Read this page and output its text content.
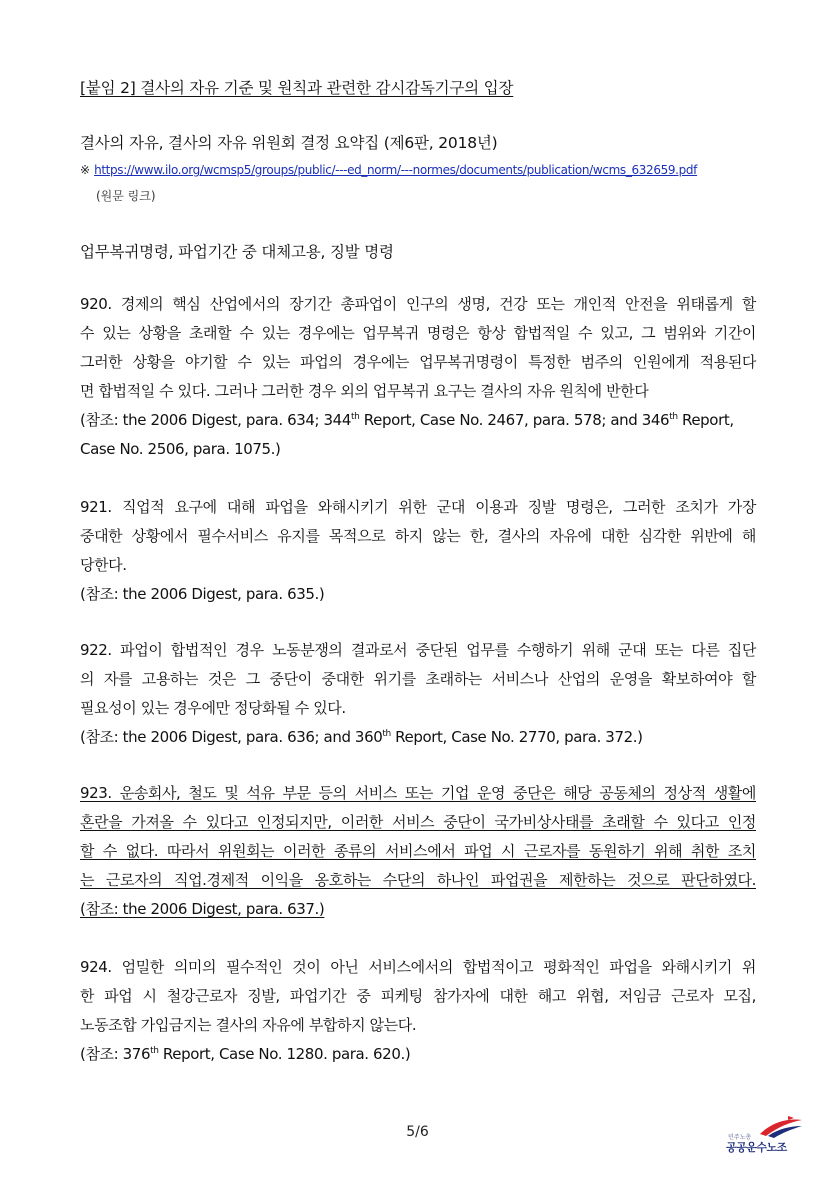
[붙임 2] 결사의 자유 기준 및 원칙과 관련한 감시감독기구의 입장
결사의 자유, 결사의 자유 위원회 결정 요약집 (제6판, 2018년)
※ https://www.ilo.org/wcmsp5/groups/public/---ed_norm/---normes/documents/publication/wcms_632659.pdf
(원문 링크)
업무복귀명령, 파업기간 중 대체고용, 징발 명령
920. 경제의 핵심 산업에서의 장기간 총파업이 인구의 생명, 건강 또는 개인적 안전을 위태롭게 할
수 있는 상황을 초래할 수 있는 경우에는 업무복귀 명령은 항상 합법적일 수 있고, 그 범위와 기간이
그러한 상황을 야기할 수 있는 파업의 경우에는 업무복귀명령이 특정한 범주의 인원에게 적용된다
면 합법적일 수 있다. 그러나 그러한 경우 외의 업무복귀 요구는 결사의 자유 원칙에 반한다
(참조: the 2006 Digest, para. 634; 344th Report, Case No. 2467, para. 578; and 346th Report,
Case No. 2506, para. 1075.)
921. 직업적 요구에 대해 파업을 와해시키기 위한 군대 이용과 징발 명령은, 그러한 조치가 가장
중대한 상황에서 필수서비스 유지를 목적으로 하지 않는 한, 결사의 자유에 대한 심각한 위반에 해
당한다.
(참조: the 2006 Digest, para. 635.)
922. 파업이 합법적인 경우 노동분쟁의 결과로서 중단된 업무를 수행하기 위해 군대 또는 다른 집단
의 자를 고용하는 것은 그 중단이 중대한 위기를 초래하는 서비스나 산업의 운영을 확보하여야 할
필요성이 있는 경우에만 정당화될 수 있다.
(참조: the 2006 Digest, para. 636; and 360th Report, Case No. 2770, para. 372.)
923. 운송회사, 철도 및 석유 부문 등의 서비스 또는 기업 운영 중단은 해당 공동체의 정상적 생활에
혼란을 가져올 수 있다고 인정되지만, 이러한 서비스 중단이 국가비상사태를 초래할 수 있다고 인정
할 수 없다. 따라서 위원회는 이러한 종류의 서비스에서 파업 시 근로자를 동원하기 위해 취한 조치
는 근로자의 직업.경제적 이익을 옹호하는 수단의 하나인 파업권을 제한하는 것으로 판단하였다.
(참조: the 2006 Digest, para. 637.)
924. 엄밀한 의미의 필수적인 것이 아닌 서비스에서의 합법적이고 평화적인 파업을 와해시키기 위
한 파업 시 철강근로자 징발, 파업기간 중 피케팅 참가자에 대한 해고 위협, 저임금 근로자 모집,
노동조합 가입금지는 결사의 자유에 부합하지 않는다.
(참조: 376th Report, Case No. 1280. para. 620.)
5/6	민주노총
공공운수노조
